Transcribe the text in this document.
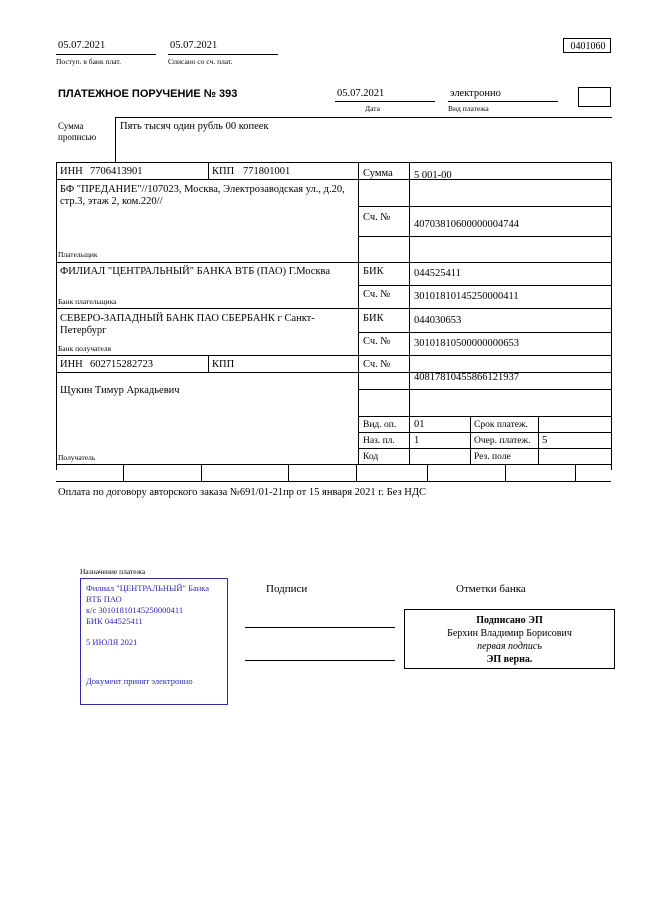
05.07.2021	05.07.2021
Поступ. в банк плат.	Списано со сч. плат.
0401060
ПЛАТЕЖНОЕ ПОРУЧЕНИЕ № 393	05.07.2021
Дата
электронно
Вид платежа
Сумма
прописью
Пять тысяч один рубль 00 копеек
ИНН 7706413901	КПП 771801001	Сумма 5 001-00
БФ "ПРЕДАНИЕ"//107023, Москва, Электрозаводская ул., д.20, стр.3, этаж 2, ком.220//
Сч. №
40703810600000004744
Плательщик
ФИЛИАЛ "ЦЕНТРАЛЬНЫЙ" БАНКА ВТБ (ПАО) Г.Москва	БИК	044525411
Сч. № 30101810145250000411
Банк плательщика
СЕВЕРО-ЗАПАДНЫЙ БАНК ПАО СБЕРБАНК г Санкт-Петербург
БИК	044030653
Сч. № 30101810500000000653
Банк получателя
ИНН 602715282723	КПП	Сч. №
40817810455866121937
Щукин Тимур Аркадьевич
Получатель
Вид. оп. 01	Срок платеж.
Наз. пл. 1	Очер. платеж. 5
Код	Рез. поле
Оплата по договору авторского заказа №691/01-21пр от 15 января 2021 г. Без НДС
Назначение платежа
Филиал "ЦЕНТРАЛЬНЫЙ" Банка
ВТБ ПАО
к/с 30101810145250000411
БИК 044525411
5 ИЮЛЯ 2021
Документ принят электронно
Подписи	Отметки банка
Подписано ЭП
Берхин Владимир Борисович
первая подпись
ЭП верна.
